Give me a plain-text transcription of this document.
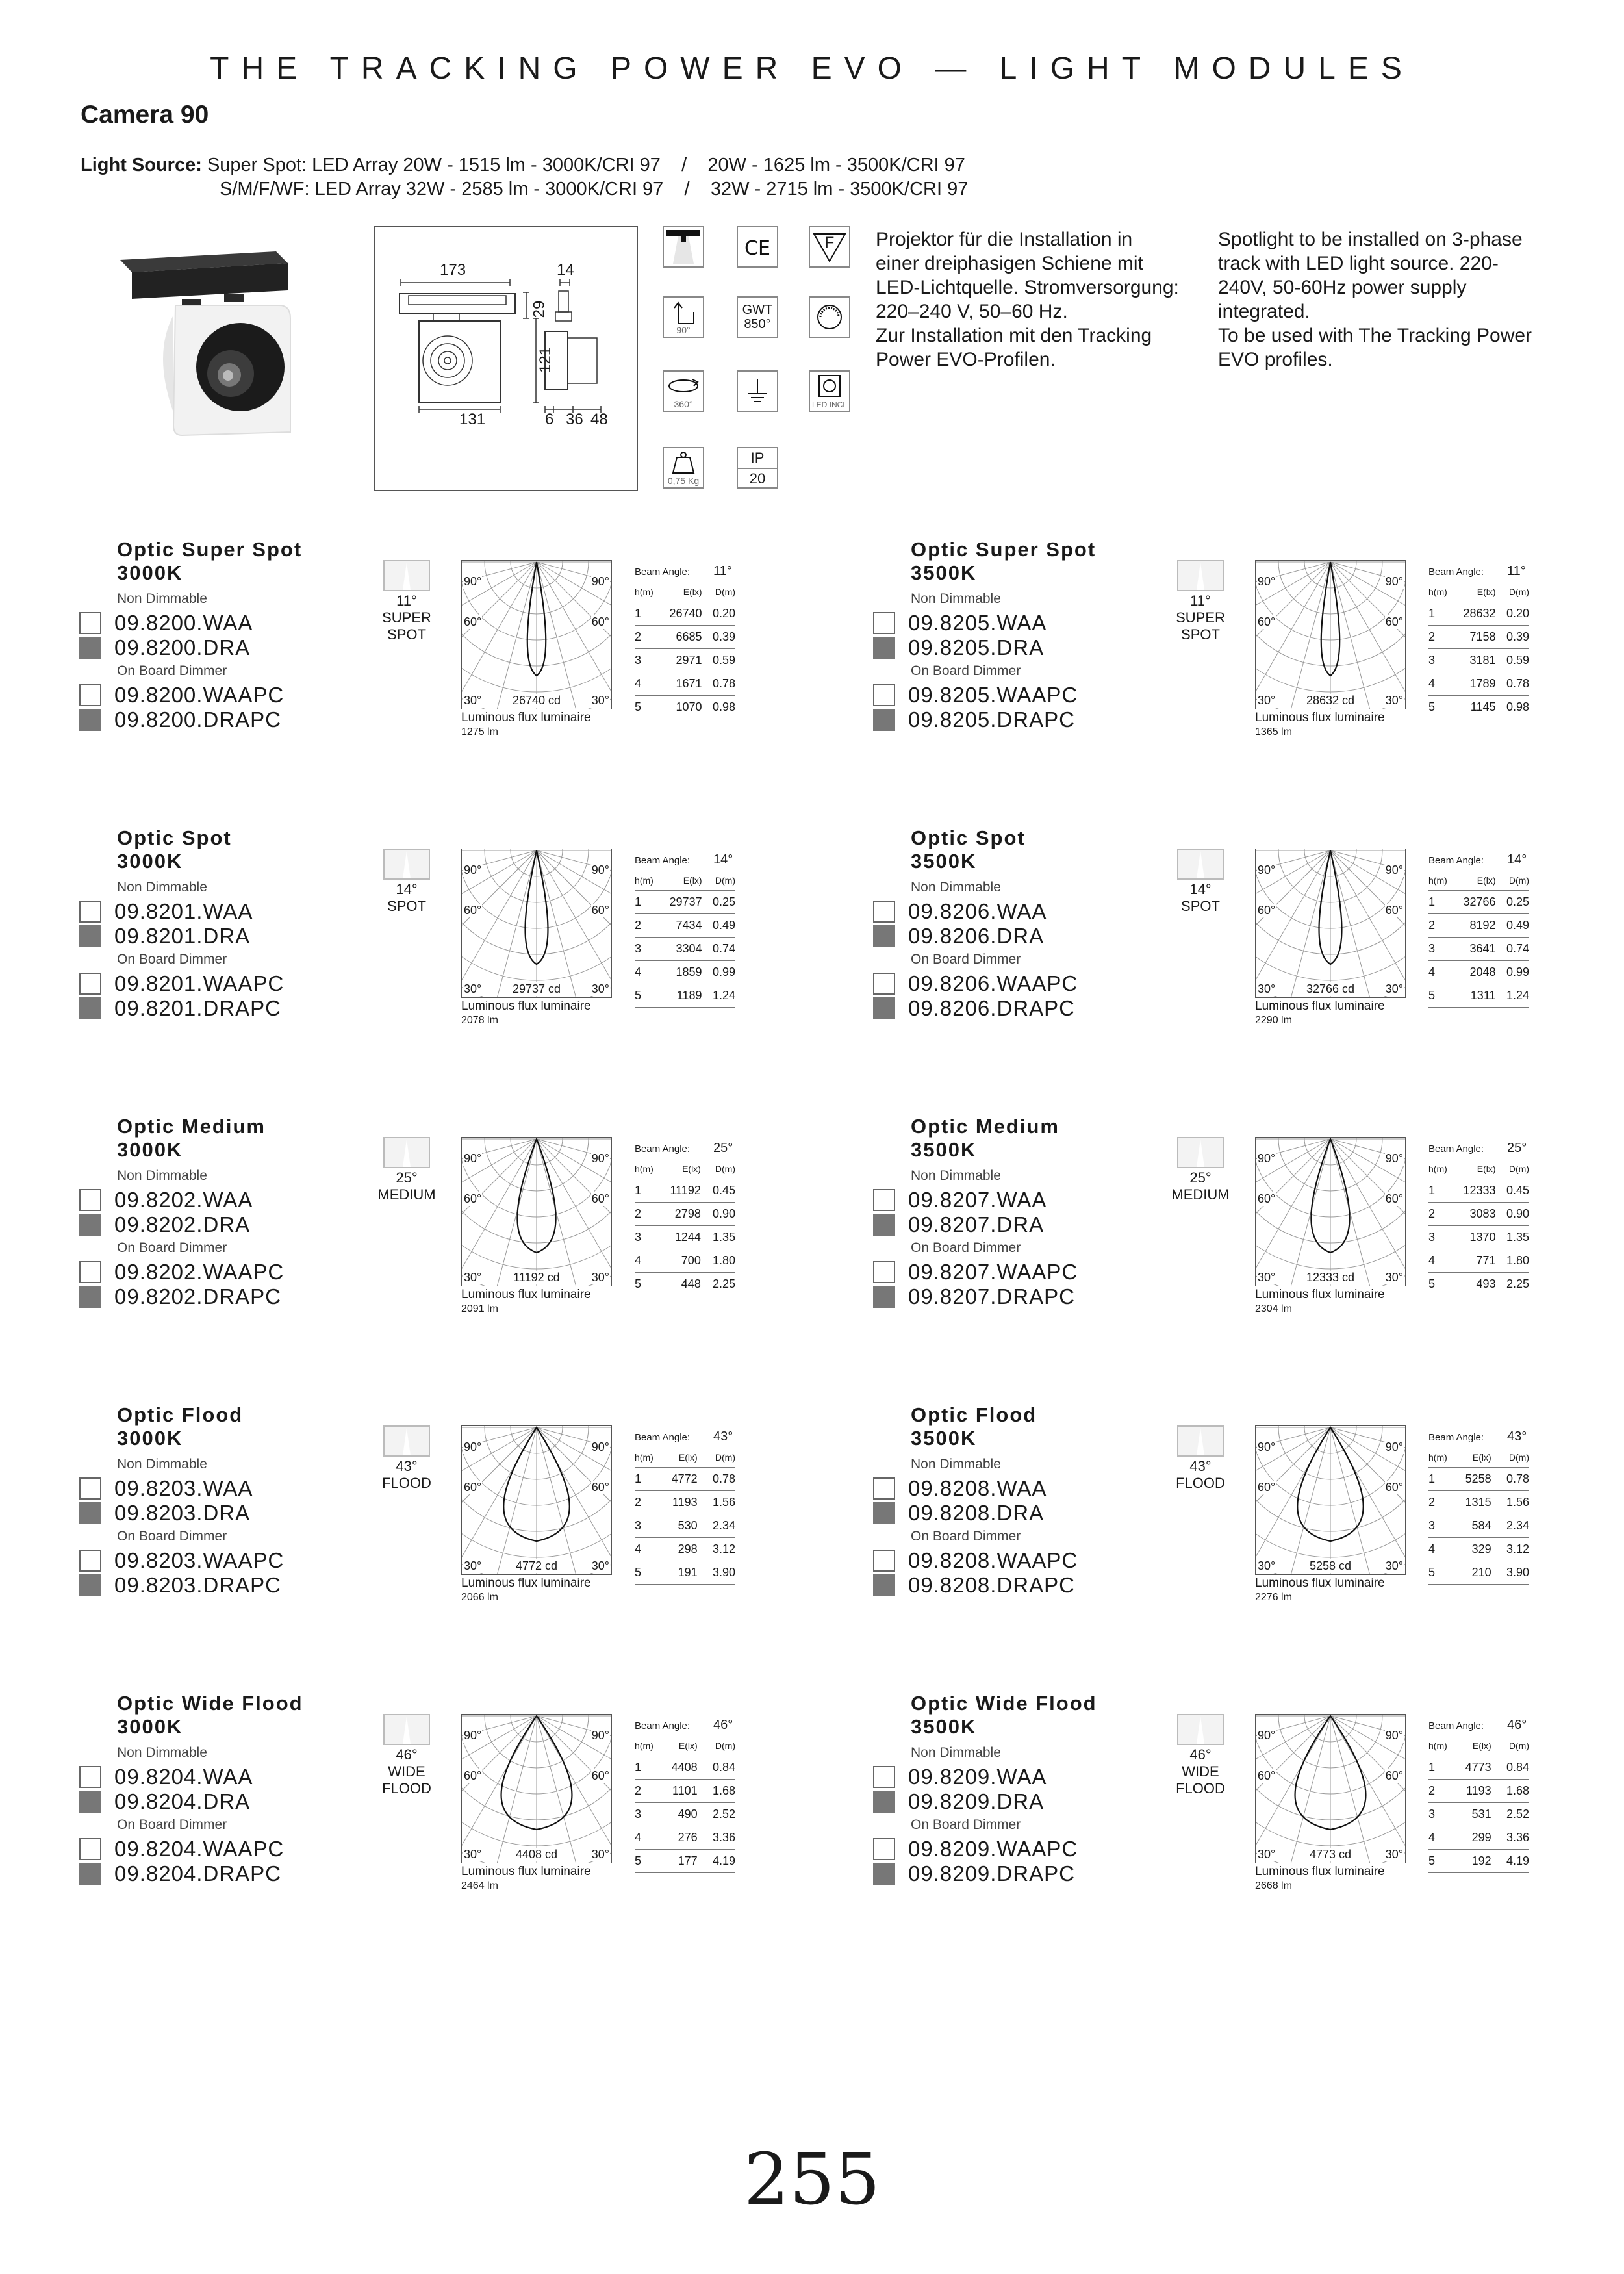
THE TRACKING POWER EVO — LIGHT MODULES
Camera 90
Light Source: Super Spot: LED Array 20W - 1515 lm - 3000K/CRI 97    /    20W - 1625 lm - 3500K/CRI 97
S/M/F/WF: LED Array 32W - 2585 lm - 3000K/CRI 97    /    32W - 2715 lm - 3500K/CRI 97
173	14
29
121
131	6 36 48
CE	F
90°
GWT
850°
360°	LED INCL
0,75 Kg
IP
20
Projektor für die Installation in
einer dreiphasigen Schiene mit
LED-Lichtquelle. Stromversorgung:
220–240 V, 50–60 Hz.
Zur Installation mit den Tracking
Power EVO-Profilen.
Spotlight to be installed on 3-phase
track with LED light source. 220-
240V, 50-60Hz power supply
integrated.
To be used with The Tracking Power
EVO profiles.
Optic Super Spot
3000K
Non Dimmable
On Board Dimmer
09.8200.WAA
09.8200.DRA
09.8200.WAAPC
09.8200.DRAPC
11°
SUPER
SPOT
90°	90°
60°	60°
30°	30°
26740 cd
Luminous flux luminaire
1275 lm
Beam Angle: 11°
h(m)	E(lx)	D(m)
1	26740	0.20
2	6685	0.39
3	2971	0.59
4	1671	0.78
5	1070	0.98
Optic Super Spot
3500K
Non Dimmable
On Board Dimmer
09.8205.WAA
09.8205.DRA
09.8205.WAAPC
09.8205.DRAPC
11°
SUPER
SPOT
90°	90°
60°	60°
30°	30°
28632 cd
Luminous flux luminaire
1365 lm
Beam Angle: 11°
h(m)	E(lx)	D(m)
1	28632	0.20
2	7158	0.39
3	3181	0.59
4	1789	0.78
5	1145	0.98
Optic Spot
3000K
Non Dimmable
On Board Dimmer
09.8201.WAA
09.8201.DRA
09.8201.WAAPC
09.8201.DRAPC
14°
SPOT
90°	90°
60°	60°
30°	30°
29737 cd
Luminous flux luminaire
2078 lm
Beam Angle: 14°
h(m)	E(lx)	D(m)
1	29737	0.25
2	7434	0.49
3	3304	0.74
4	1859	0.99
5	1189	1.24
Optic Spot
3500K
Non Dimmable
On Board Dimmer
09.8206.WAA
09.8206.DRA
09.8206.WAAPC
09.8206.DRAPC
14°
SPOT
90°	90°
60°	60°
30°	30°
32766 cd
Luminous flux luminaire
2290 lm
Beam Angle: 14°
h(m)	E(lx)	D(m)
1	32766	0.25
2	8192	0.49
3	3641	0.74
4	2048	0.99
5	1311	1.24
Optic Medium
3000K
Non Dimmable
On Board Dimmer
09.8202.WAA
09.8202.DRA
09.8202.WAAPC
09.8202.DRAPC
25°
MEDIUM
90°	90°
60°	60°
30°	30°
11192 cd
Luminous flux luminaire
2091 lm
Beam Angle: 25°
h(m)	E(lx)	D(m)
1	11192	0.45
2	2798	0.90
3	1244	1.35
4	700	1.80
5	448	2.25
Optic Medium
3500K
Non Dimmable
On Board Dimmer
09.8207.WAA
09.8207.DRA
09.8207.WAAPC
09.8207.DRAPC
25°
MEDIUM
90°	90°
60°	60°
30°	30°
12333 cd
Luminous flux luminaire
2304 lm
Beam Angle: 25°
h(m)	E(lx)	D(m)
1	12333	0.45
2	3083	0.90
3	1370	1.35
4	771	1.80
5	493	2.25
Optic Flood
3000K
Non Dimmable
On Board Dimmer
09.8203.WAA
09.8203.DRA
09.8203.WAAPC
09.8203.DRAPC
43°
FLOOD
90°	90°
60°	60°
30°	30°
4772 cd
Luminous flux luminaire
2066 lm
Beam Angle: 43°
h(m)	E(lx)	D(m)
1	4772	0.78
2	1193	1.56
3	530	2.34
4	298	3.12
5	191	3.90
Optic Flood
3500K
Non Dimmable
On Board Dimmer
09.8208.WAA
09.8208.DRA
09.8208.WAAPC
09.8208.DRAPC
43°
FLOOD
90°	90°
60°	60°
30°	30°
5258 cd
Luminous flux luminaire
2276 lm
Beam Angle: 43°
h(m)	E(lx)	D(m)
1	5258	0.78
2	1315	1.56
3	584	2.34
4	329	3.12
5	210	3.90
Optic Wide Flood
3000K
Non Dimmable
On Board Dimmer
09.8204.WAA
09.8204.DRA
09.8204.WAAPC
09.8204.DRAPC
46°
WIDE
FLOOD
90°	90°
60°	60°
30°	30°
4408 cd
Luminous flux luminaire
2464 lm
Beam Angle: 46°
h(m)	E(lx)	D(m)
1	4408	0.84
2	1101	1.68
3	490	2.52
4	276	3.36
5	177	4.19
Optic Wide Flood
3500K
Non Dimmable
On Board Dimmer
09.8209.WAA
09.8209.DRA
09.8209.WAAPC
09.8209.DRAPC
46°
WIDE
FLOOD
90°	90°
60°	60°
30°	30°
4773 cd
Luminous flux luminaire
2668 lm
Beam Angle: 46°
h(m)	E(lx)	D(m)
1	4773	0.84
2	1193	1.68
3	531	2.52
4	299	3.36
5	192	4.19
255
